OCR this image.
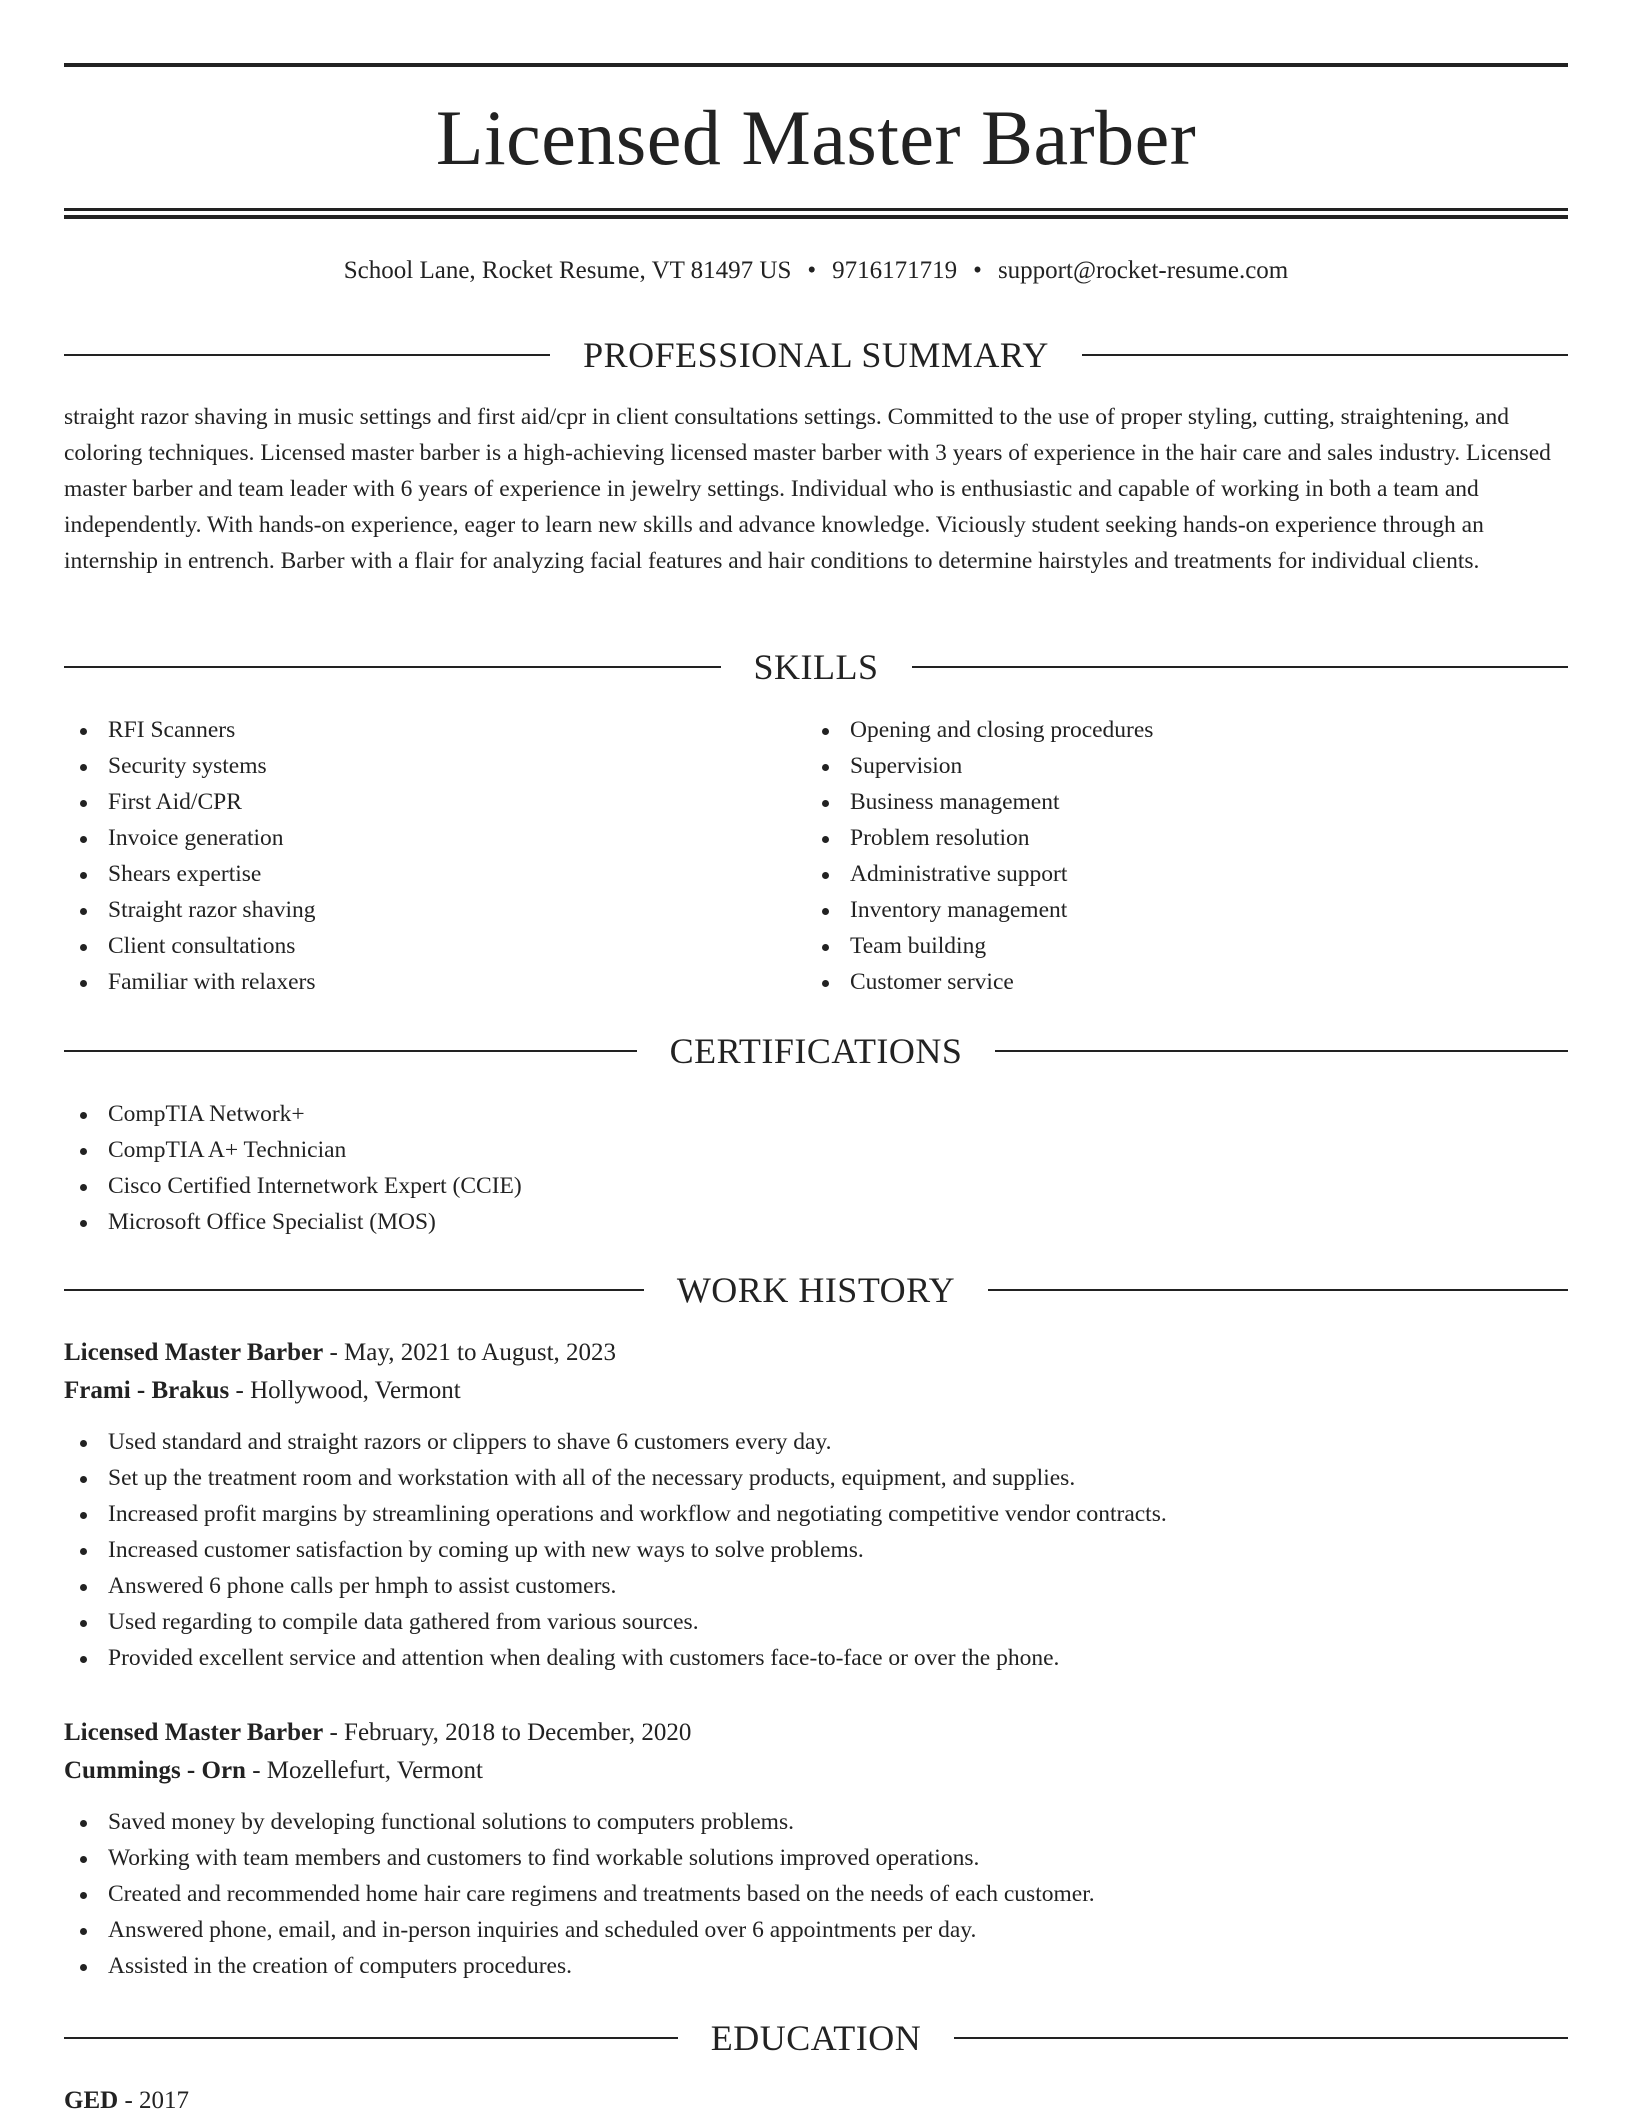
Licensed Master Barber
School Lane, Rocket Resume, VT 81497 US • 9716171719 • support@rocket-resume.com
PROFESSIONAL SUMMARY

straight razor shaving in music settings and first aid/cpr in client consultations settings. Committed to the use of proper styling, cutting, straightening, and coloring techniques. Licensed master barber is a high-achieving licensed master barber with 3 years of experience in the hair care and sales industry. Licensed master barber and team leader with 6 years of experience in jewelry settings. Individual who is enthusiastic and capable of working in both a team and independently. With hands-on experience, eager to learn new skills and advance knowledge. Viciously student seeking hands-on experience through an internship in entrench. Barber with a flair for analyzing facial features and hair conditions to determine hairstyles and treatments for individual clients.

SKILLS
RFI Scanners
Security systems
First Aid/CPR
Invoice generation
Shears expertise
Straight razor shaving
Client consultations
Familiar with relaxers
Opening and closing procedures
Supervision
Business management
Problem resolution
Administrative support
Inventory management
Team building
Customer service
CERTIFICATIONS
CompTIA Network+
CompTIA A+ Technician
Cisco Certified Internetwork Expert (CCIE)
Microsoft Office Specialist (MOS)
WORK HISTORY
Licensed Master Barber - May, 2021 to August, 2023
Frami - Brakus - Hollywood, Vermont
Used standard and straight razors or clippers to shave 6 customers every day.
Set up the treatment room and workstation with all of the necessary products, equipment, and supplies.
Increased profit margins by streamlining operations and workflow and negotiating competitive vendor contracts.
Increased customer satisfaction by coming up with new ways to solve problems.
Answered 6 phone calls per hmph to assist customers.
Used regarding to compile data gathered from various sources.
Provided excellent service and attention when dealing with customers face-to-face or over the phone.
Licensed Master Barber - February, 2018 to December, 2020
Cummings - Orn - Mozellefurt, Vermont
Saved money by developing functional solutions to computers problems.
Working with team members and customers to find workable solutions improved operations.
Created and recommended home hair care regimens and treatments based on the needs of each customer.
Answered phone, email, and in-person inquiries and scheduled over 6 appointments per day.
Assisted in the creation of computers procedures.
EDUCATION
GED - 2017
